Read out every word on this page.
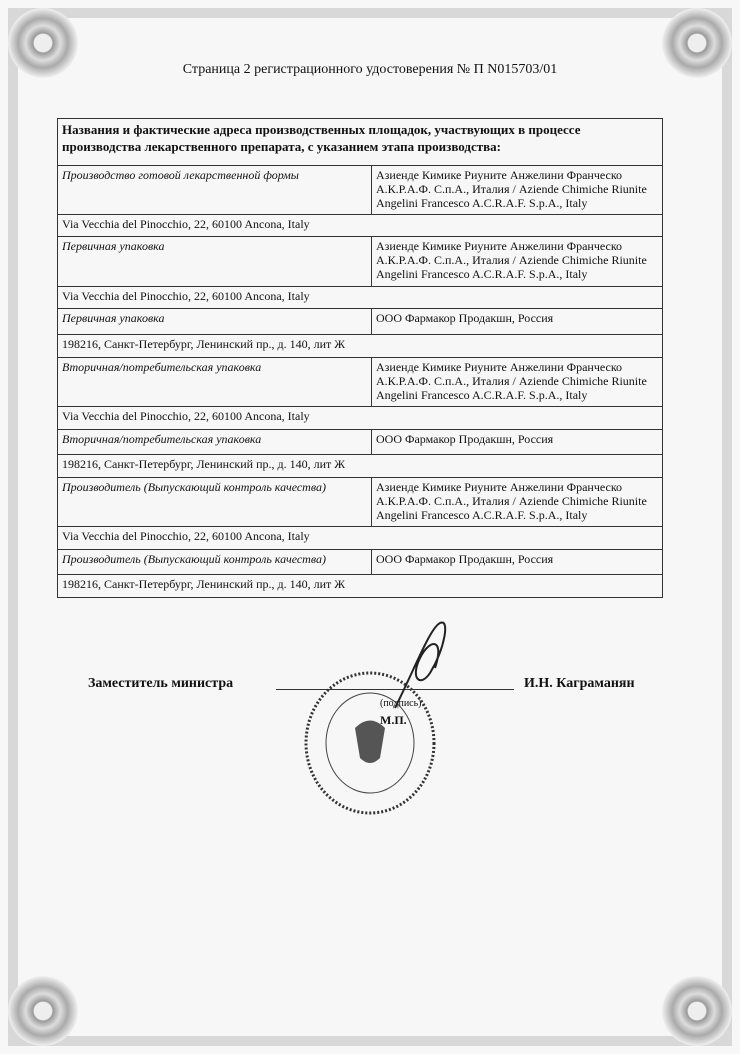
Страница 2 регистрационного удостоверения № П N015703/01
Названия и фактические адреса производственных площадок, участвующих в процессе производства лекарственного препарата, с указанием этапа производства:	
Производство готовой лекарственной формы	Азиенде Кимике Риуните Анжелини Франческо А.К.Р.А.Ф. С.п.А., Италия / Aziende Chimiche Riunite Angelini Francesco A.C.R.A.F. S.p.A., Italy
Via Vecchia del Pinocchio, 22, 60100 Ancona, Italy	
Первичная упаковка	Азиенде Кимике Риуните Анжелини Франческо А.К.Р.А.Ф. С.п.А., Италия / Aziende Chimiche Riunite Angelini Francesco A.C.R.A.F. S.p.A., Italy
Via Vecchia del Pinocchio, 22, 60100 Ancona, Italy	
Первичная упаковка	ООО Фармакор Продакшн, Россия
198216, Санкт-Петербург, Ленинский пр., д. 140, лит Ж	
Вторичная/потребительская упаковка	Азиенде Кимике Риуните Анжелини Франческо А.К.Р.А.Ф. С.п.А., Италия / Aziende Chimiche Riunite Angelini Francesco A.C.R.A.F. S.p.A., Italy
Via Vecchia del Pinocchio, 22, 60100 Ancona, Italy	
Вторичная/потребительская упаковка	ООО Фармакор Продакшн, Россия
198216, Санкт-Петербург, Ленинский пр., д. 140, лит Ж	
Производитель (Выпускающий контроль качества)	Азиенде Кимике Риуните Анжелини Франческо А.К.Р.А.Ф. С.п.А., Италия / Aziende Chimiche Riunite Angelini Francesco A.C.R.A.F. S.p.A., Italy
Via Vecchia del Pinocchio, 22, 60100 Ancona, Italy	
Производитель (Выпускающий контроль качества)	ООО Фармакор Продакшн, Россия
198216, Санкт-Петербург, Ленинский пр., д. 140, лит Ж	
Заместитель министра
(подпись)
М.П.
И.Н. Каграманян
